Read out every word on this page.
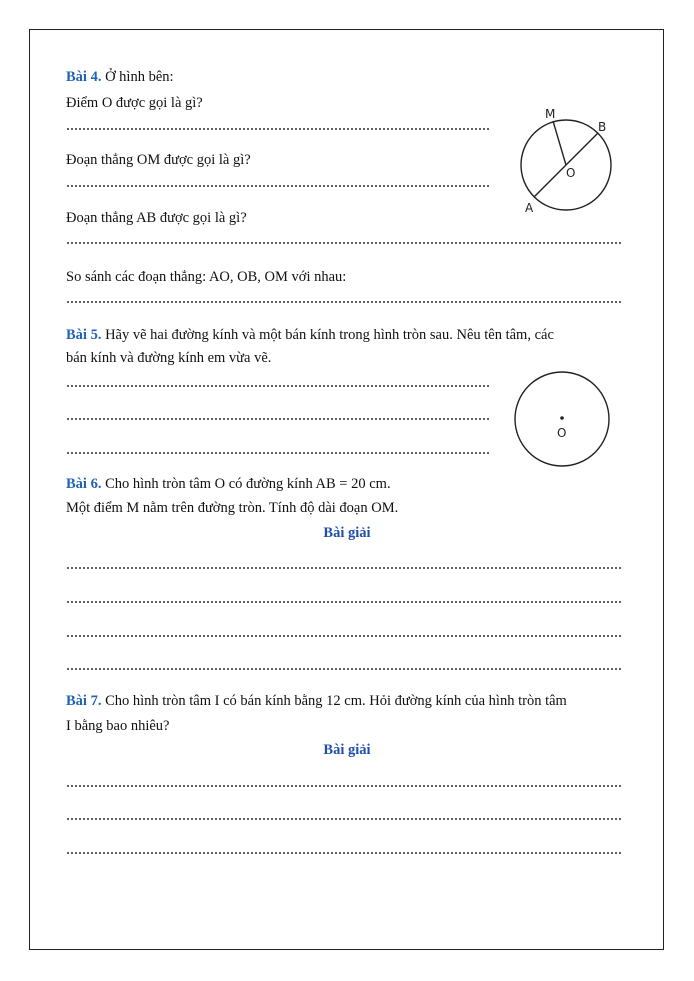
Bài 4. Ở hình bên:
Điểm O được gọi là gì?
Đoạn thẳng OM được gọi là gì?
Đoạn thẳng AB được gọi là gì?
So sánh các đoạn thẳng: AO, OB, OM với nhau:
M
B
O
A
Bài 5. Hãy vẽ hai đường kính và một bán kính trong hình tròn sau. Nêu tên tâm, các
bán kính và đường kính em vừa vẽ.
O
Bài 6. Cho hình tròn tâm O có đường kính AB = 20 cm.
Một điểm M nằm trên đường tròn. Tính độ dài đoạn OM.
Bài giải
Bài 7. Cho hình tròn tâm I có bán kính bằng 12 cm. Hỏi đường kính của hình tròn tâm
I bằng bao nhiêu?
Bài giải
